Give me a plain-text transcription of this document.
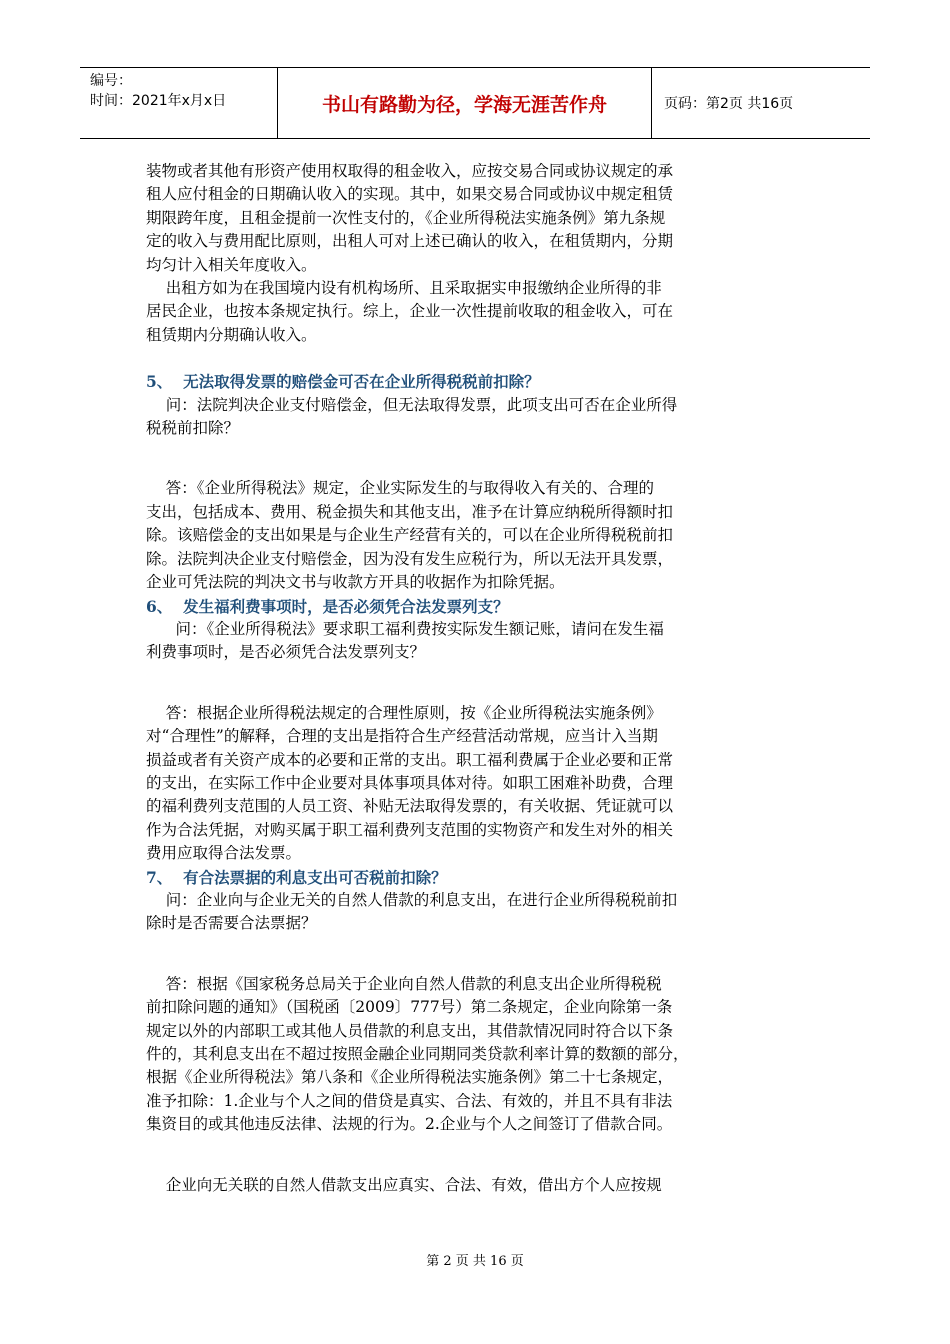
编号：
时间：2021年x月x日	书山有路勤为径，学海无涯苦作舟	页码：第2页 共16页

装物或者其他有形资产使用权取得的租金收入，应按交易合同或协议规定的承

租人应付租金的日期确认收入的实现。其中，如果交易合同或协议中规定租赁

期限跨年度，且租金提前一次性支付的，《企业所得税法实施条例》第九条规

定的收入与费用配比原则，出租人可对上述已确认的收入，在租赁期内，分期

均匀计入相关年度收入。

出租方如为在我国境内设有机构场所、且采取据实申报缴纳企业所得的非

居民企业，也按本条规定执行。综上，企业一次性提前收取的租金收入，可在

租赁期内分期确认收入。

5、  无法取得发票的赔偿金可否在企业所得税税前扣除？

问：法院判决企业支付赔偿金，但无法取得发票，此项支出可否在企业所得

税税前扣除？

答：《企业所得税法》规定，企业实际发生的与取得收入有关的、合理的

支出，包括成本、费用、税金损失和其他支出，准予在计算应纳税所得额时扣

除。该赔偿金的支出如果是与企业生产经营有关的，可以在企业所得税税前扣

除。法院判决企业支付赔偿金，因为没有发生应税行为，所以无法开具发票，

企业可凭法院的判决文书与收款方开具的收据作为扣除凭据。

6、  发生福利费事项时，是否必须凭合法发票列支？

问：《企业所得税法》要求职工福利费按实际发生额记账，请问在发生福

利费事项时，是否必须凭合法发票列支？

答：根据企业所得税法规定的合理性原则，按《企业所得税法实施条例》

对“合理性”的解释，合理的支出是指符合生产经营活动常规，应当计入当期

损益或者有关资产成本的必要和正常的支出。职工福利费属于企业必要和正常

的支出，在实际工作中企业要对具体事项具体对待。如职工困难补助费，合理

的福利费列支范围的人员工资、补贴无法取得发票的，有关收据、凭证就可以

作为合法凭据，对购买属于职工福利费列支范围的实物资产和发生对外的相关

费用应取得合法发票。

7、  有合法票据的利息支出可否税前扣除？

问：企业向与企业无关的自然人借款的利息支出，在进行企业所得税税前扣

除时是否需要合法票据？

答：根据《国家税务总局关于企业向自然人借款的利息支出企业所得税税

前扣除问题的通知》（国税函〔2009〕777号）第二条规定，企业向除第一条

规定以外的内部职工或其他人员借款的利息支出，其借款情况同时符合以下条

件的，其利息支出在不超过按照金融企业同期同类贷款利率计算的数额的部分，

根据《企业所得税法》第八条和《企业所得税法实施条例》第二十七条规定，

准予扣除：1.企业与个人之间的借贷是真实、合法、有效的，并且不具有非法

集资目的或其他违反法律、法规的行为。2.企业与个人之间签订了借款合同。

企业向无关联的自然人借款支出应真实、合法、有效，借出方个人应按规

第 2 页 共 16 页
